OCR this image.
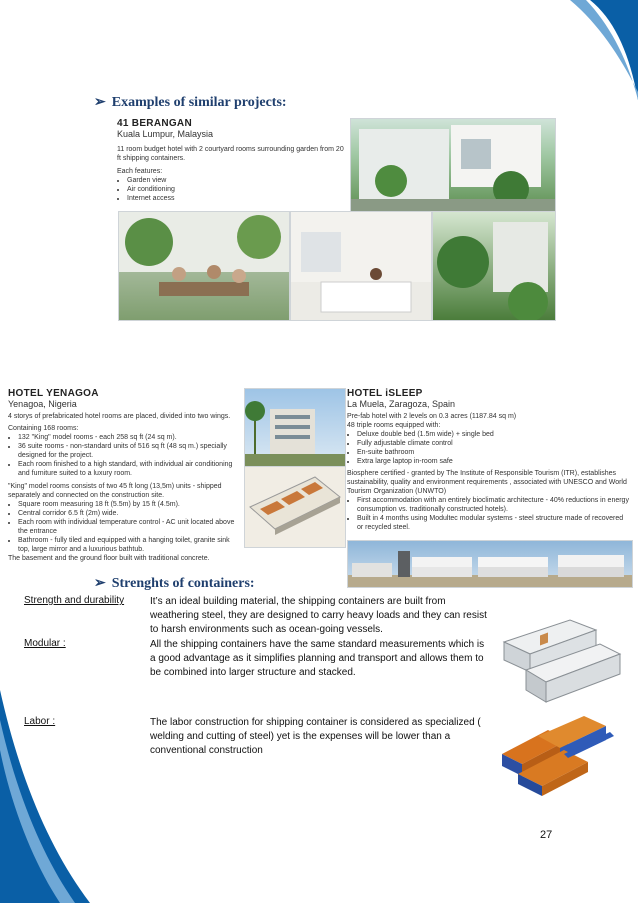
➢ Examples of similar projects:
41 BERANGAN
Kuala Lumpur, Malaysia
11 room budget hotel with 2 courtyard rooms surrounding garden from 20 ft shipping containers.
Each features:
• Garden view
• Air conditioning
• Internet access
HOTEL YENAGOA
Yenagoa, Nigeria
4 storys of prefabricated hotel rooms are placed, divided into two wings.
Containing 168 rooms:
• 132 "King" model rooms - each 258 sq ft (24 sq m).
• 36 suite rooms - non-standard units of 516 sq ft (48 sq m.) specially designed for the project.
• Each room finished to a high standard, with individual air conditioning and furniture suited to a luxury room.
"King" model rooms consists of two 45 ft long (13,5m) units - shipped separately and connected on the construction site.
• Square room measuring 18 ft (5.5m) by 15 ft (4.5m).
• Central corridor 6.5 ft (2m) wide.
• Each room with individual temperature control - AC unit located above the entrance
• Bathroom - fully tiled and equipped with a hanging toilet, granite sink top, large mirror and a luxurious bathtub.
The basement and the ground floor built with traditional concrete.
HOTEL iSLEEP
La Muela, Zaragoza, Spain
Pre-fab hotel with 2 levels on 0.3 acres (1187.84 sq m)
48 triple rooms equipped with:
• Deluxe double bed (1.5m wide) + single bed
• Fully adjustable climate control
• En-suite bathroom
• Extra large laptop in-room safe
Biosphere certified - granted by The Institute of Responsible Tourism (ITR), establishes sustainability, quality and environment requirements , associated with UNESCO and World Tourism Organization (UNWTO)
• First accommodation with an entirely bioclimatic architecture - 40% reductions in energy consumption vs. traditionally constructed hotels).
• Built in 4 months using Modultec modular systems - steel structure made of recovered or recycled steel.
➢ Strenghts of containers:
Strength and durability	It’s an ideal building material, the shipping containers are built from weathering steel, they are designed to carry heavy loads and they can resist to harsh environments such as ocean-going vessels.
Modular :	All the shipping containers have the same standard measurements which is a good advantage as it simplifies planning and transport and allows them to be combined into larger structure and stacked.
Labor :	The labor construction for shipping container is considered as specialized ( welding and cutting of steel) yet is the expenses will be lower than a conventional construction
27
